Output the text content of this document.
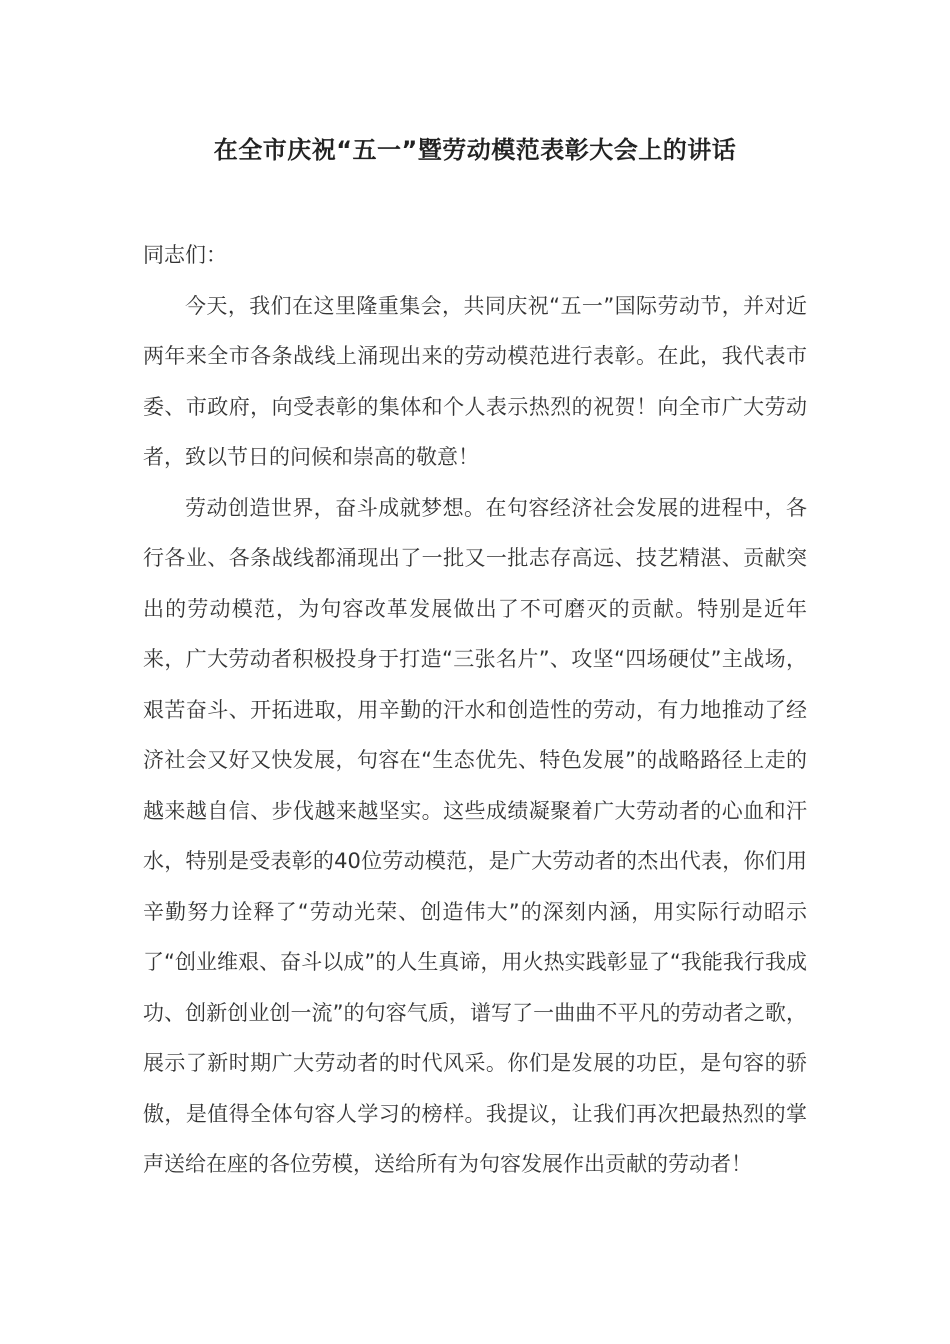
在全市庆祝“五一”暨劳动模范表彰大会上的讲话

同志们：

今天，我们在这里隆重集会，共同庆祝“五一”国际劳动节，并对近两年来全市各条战线上涌现出来的劳动模范进行表彰。在此，我代表市委、市政府，向受表彰的集体和个人表示热烈的祝贺！向全市广大劳动者，致以节日的问候和崇高的敬意！

劳动创造世界，奋斗成就梦想。在句容经济社会发展的进程中，各行各业、各条战线都涌现出了一批又一批志存高远、技艺精湛、贡献突出的劳动模范，为句容改革发展做出了不可磨灭的贡献。特别是近年来，广大劳动者积极投身于打造“三张名片”、攻坚“四场硬仗”主战场，艰苦奋斗、开拓进取，用辛勤的汗水和创造性的劳动，有力地推动了经济社会又好又快发展，句容在“生态优先、特色发展”的战略路径上走的越来越自信、步伐越来越坚实。这些成绩凝聚着广大劳动者的心血和汗水，特别是受表彰的40位劳动模范，是广大劳动者的杰出代表，你们用辛勤努力诠释了“劳动光荣、创造伟大”的深刻内涵，用实际行动昭示了“创业维艰、奋斗以成”的人生真谛，用火热实践彰显了“我能我行我成功、创新创业创一流”的句容气质，谱写了一曲曲不平凡的劳动者之歌，展示了新时期广大劳动者的时代风采。你们是发展的功臣，是句容的骄傲，是值得全体句容人学习的榜样。我提议，让我们再次把最热烈的掌声送给在座的各位劳模，送给所有为句容发展作出贡献的劳动者！
